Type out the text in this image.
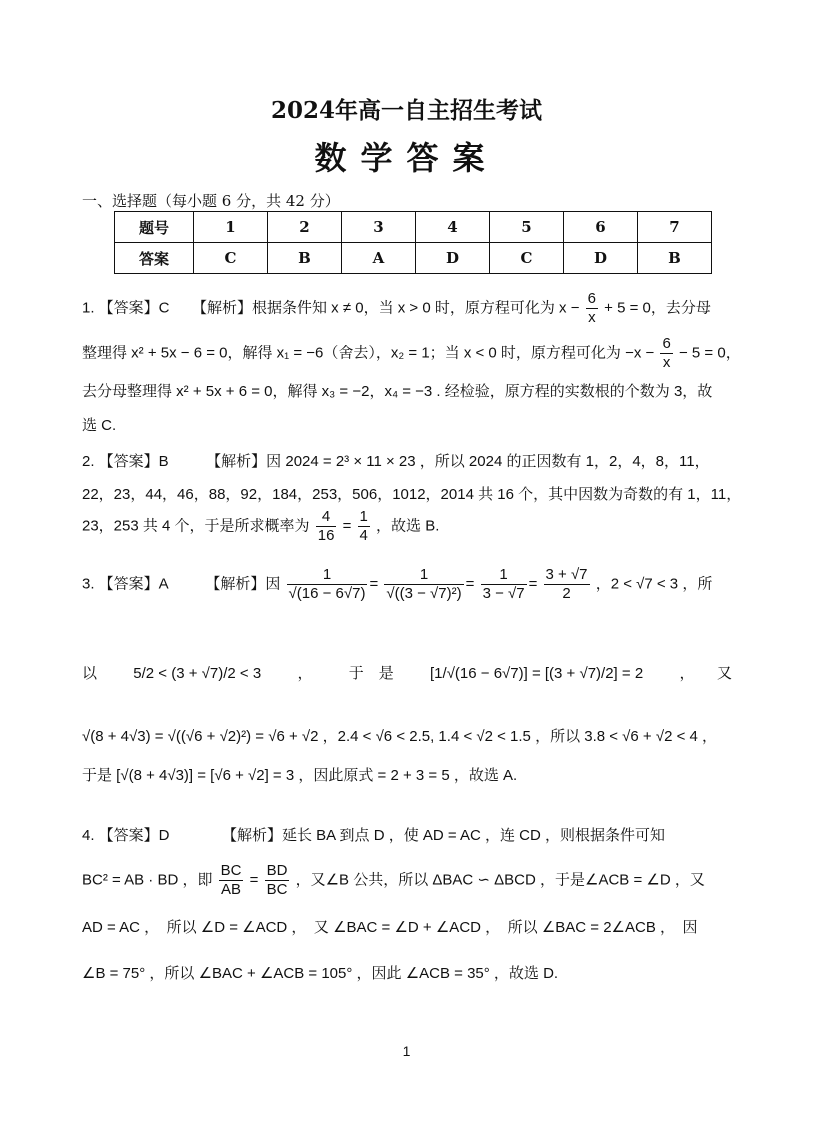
2024年高一自主招生考试
数学答案
一、选择题（每小题 6 分，共 42 分）
题号	1	2	3	4	5	6	7
答案	C	B	A	D	C	D	B
1. 【答案】C　　【解析】根据条件知 x ≠ 0，当 x > 0 时，原方程可化为 $x - \frac{6}{x} + 5 = 0$，去分母
整理得 x² + 5x − 6 = 0，解得 x₁ = −6（舍去），x₂ = 1；当 x < 0 时，原方程可化为 $-x - \frac{6}{x} - 5 = 0$，
去分母整理得 x² + 5x + 6 = 0，解得 x₃ = −2，x₄ = −3 . 经检验，原方程的实数根的个数为 3，故
选 C.
2. 【答案】B　　　【解析】因 2024 = 2³ × 11 × 23 ，所以 2024 的正因数有 1，2，4，8，11，
22，23，44，46，88，92，184，253，506，1012，2014 共 16 个，其中因数为奇数的有 1，11，
23，253 共 4 个，于是所求概率为 $\frac{4}{16} = \frac{1}{4}$ ，故选 B.
3. 【答案】A　　　【解析】因 $\frac{1}{√(16 - 6√7)} = \frac{1}{\text{√((3 − √7)²)}} = \frac{1}{3 - √7} = \frac{3 + √7}{2}$ ，2 < √7 < 3 ，所
以 5/2 < (3 + √7)/2 < 3 ， 于　是 [1/√(16 − 6√7)] = [(3 + √7)/2] = 2 ，　　又
√(8 + 4√3) = √((√6 + √2)²) = √6 + √2 ，2.4 < √6 < 2.5, 1.4 < √2 < 1.5 ，所以 3.8 < √6 + √2 < 4 ，
于是 [√(8 + 4√3)] = [√6 + √2] = 3 ，因此原式 = 2 + 3 = 5 ，故选 A.
4. 【答案】D　　　　【解析】延长 BA 到点 D ，使 AD = AC ，连 CD ，则根据条件可知
BC² = AB · BD ，即 $\frac{BC}{AB} = \frac{BD}{BC}$ ，又∠B 公共，所以 ΔBAC ∽ ΔBCD ，于是∠ACB = ∠D ，又
AD = AC ，　所以 ∠D = ∠ACD ，　又 ∠BAC = ∠D + ∠ACD ，　所以 ∠BAC = 2∠ACB ，　因
∠B = 75° ，所以 ∠BAC + ∠ACB = 105° ，因此 ∠ACB = 35° ，故选 D.
1
